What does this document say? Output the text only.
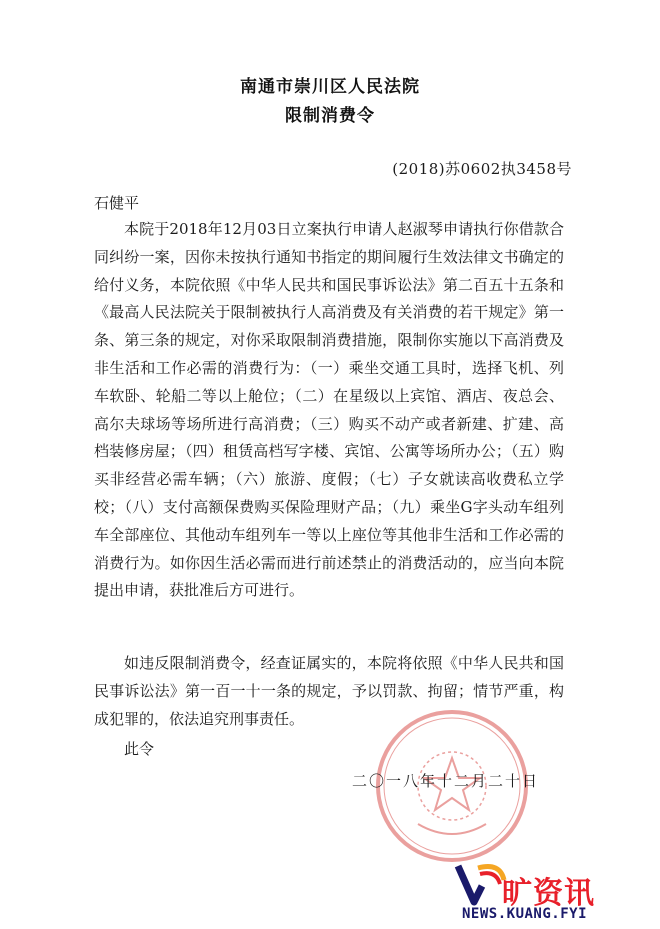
南通市崇川区人民法院
限制消费令
(2018)苏0602执3458号
石健平

本院于2018年12月03日立案执行申请人赵淑琴申请执行你借款合同纠纷一案，因你未按执行通知书指定的期间履行生效法律文书确定的给付义务，本院依照《中华人民共和国民事诉讼法》第二百五十五条和《最高人民法院关于限制被执行人高消费及有关消费的若干规定》第一条、第三条的规定，对你采取限制消费措施，限制你实施以下高消费及非生活和工作必需的消费行为：（一）乘坐交通工具时，选择飞机、列车软卧、轮船二等以上舱位；（二）在星级以上宾馆、酒店、夜总会、高尔夫球场等场所进行高消费；（三）购买不动产或者新建、扩建、高档装修房屋；（四）租赁高档写字楼、宾馆、公寓等场所办公；（五）购买非经营必需车辆；（六）旅游、度假；（七）子女就读高收费私立学校；（八）支付高额保费购买保险理财产品；（九）乘坐G字头动车组列车全部座位、其他动车组列车一等以上座位等其他非生活和工作必需的消费行为。如你因生活必需而进行前述禁止的消费活动的，应当向本院提出申请，获批准后方可进行。

如违反限制消费令，经查证属实的，本院将依照《中华人民共和国民事诉讼法》第一百一十一条的规定，予以罚款、拘留；情节严重，构成犯罪的，依法追究刑事责任。

此令
二〇一八年十二月二十日
旷资讯
NEWS.KUANG.FYI
